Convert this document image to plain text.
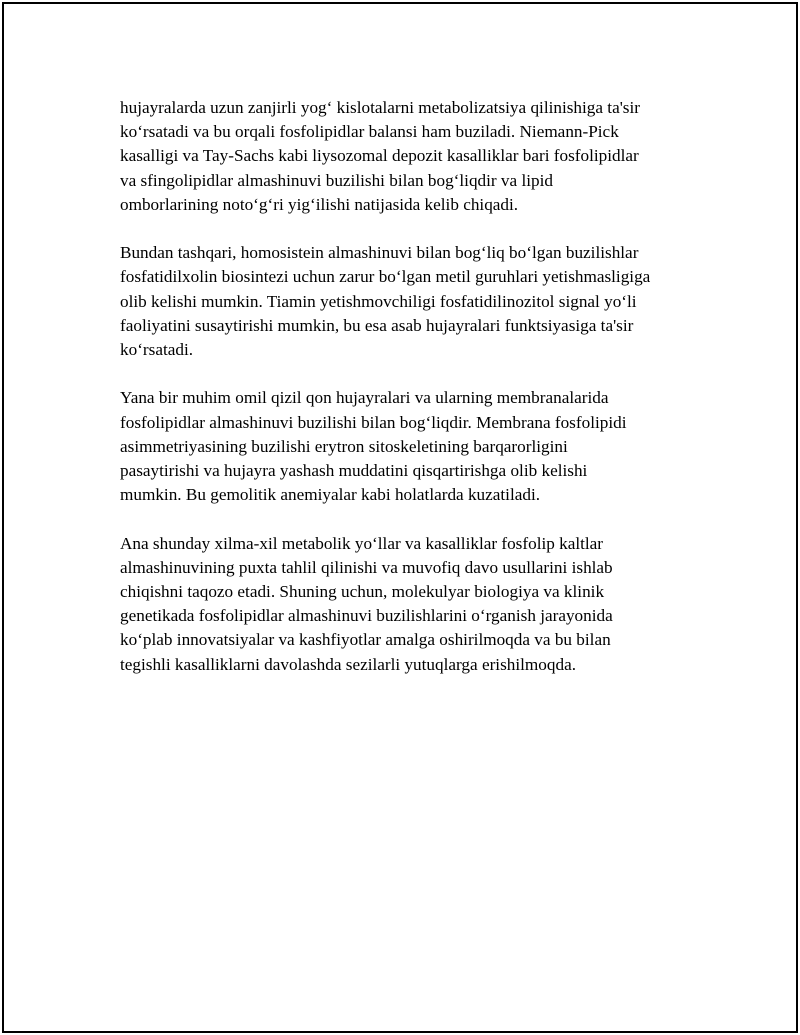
hujayralarda uzun zanjirli yog‘ kislotalarni metabolizatsiya qilinishiga ta'sir
ko‘rsatadi va bu orqali fosfolipidlar balansi ham buziladi. Niemann-Pick
kasalligi va Tay-Sachs kabi liysozomal depozit kasalliklar bari fosfolipidlar
va sfingolipidlar almashinuvi buzilishi bilan bog‘liqdir va lipid
omborlarining noto‘g‘ri yig‘ilishi natijasida kelib chiqadi.

Bundan tashqari, homosistein almashinuvi bilan bog‘liq bo‘lgan buzilishlar
fosfatidilxolin biosintezi uchun zarur bo‘lgan metil guruhlari yetishmasligiga
olib kelishi mumkin. Tiamin yetishmovchiligi fosfatidilinozitol signal yo‘li
faoliyatini susaytirishi mumkin, bu esa asab hujayralari funktsiyasiga ta'sir
ko‘rsatadi.

Yana bir muhim omil qizil qon hujayralari va ularning membranalarida
fosfolipidlar almashinuvi buzilishi bilan bog‘liqdir. Membrana fosfolipidi
asimmetriyasining buzilishi erytron sitoskeletining barqarorligini
pasaytirishi va hujayra yashash muddatini qisqartirishga olib kelishi
mumkin. Bu gemolitik anemiyalar kabi holatlarda kuzatiladi.

Ana shunday xilma-xil metabolik yo‘llar va kasalliklar fosfolip kaltlar
almashinuvining puxta tahlil qilinishi va muvofiq davo usullarini ishlab
chiqishni taqozo etadi. Shuning uchun, molekulyar biologiya va klinik
genetikada fosfolipidlar almashinuvi buzilishlarini o‘rganish jarayonida
ko‘plab innovatsiyalar va kashfiyotlar amalga oshirilmoqda va bu bilan
tegishli kasalliklarni davolashda sezilarli yutuqlarga erishilmoqda.
